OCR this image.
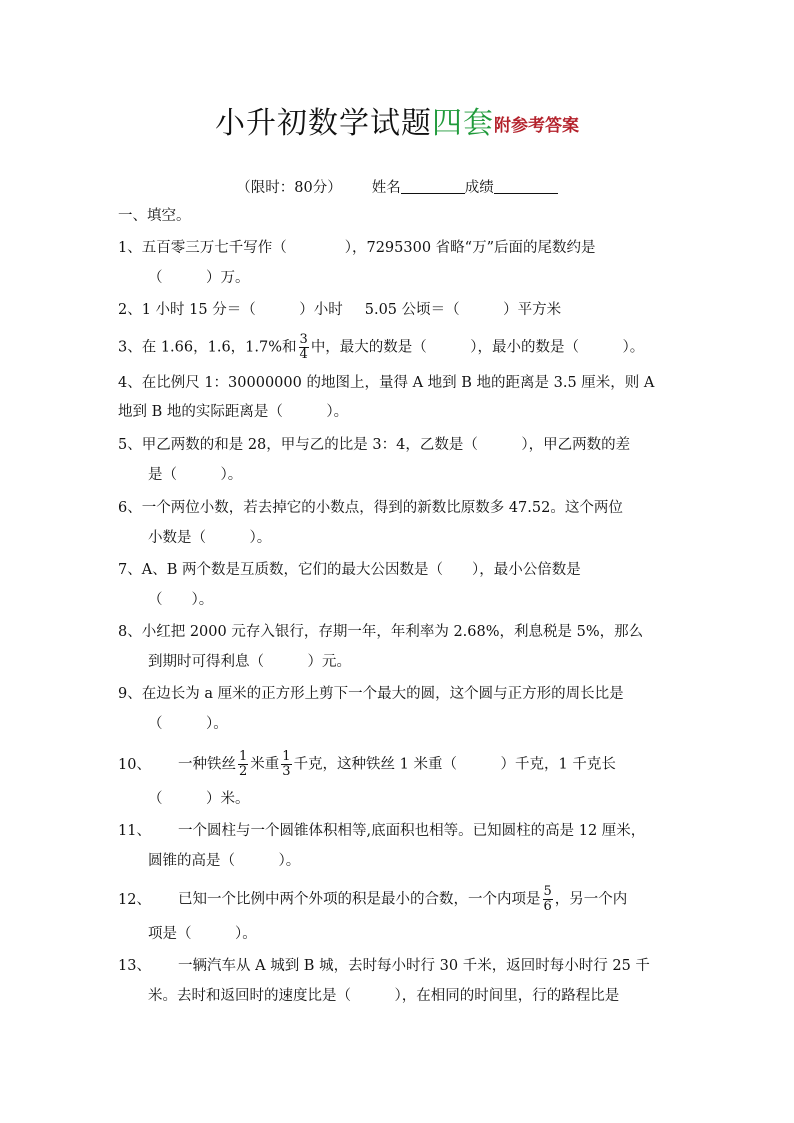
小升初数学试题四套附参考答案
（限时：80分） 姓名	成绩
一、填空。
1、五百零三万七千写作（　　　　），7295300 省略“万”后面的尾数约是
（　　　）万。
2、1 小时 15 分＝（　　　）小时 5.05 公顷＝（　　　）平方米
3、在 1.66，1.6，1.7%和 $\frac{3}{4}$ 中，最大的数是（　　　），最小的数是（　　　）。
4、在比例尺 1：30000000 的地图上，量得 A 地到 B 地的距离是 3.5 厘米，则 A
地到 B 地的实际距离是（　　　）。
5、甲乙两数的和是 28，甲与乙的比是 3：4，乙数是（　　　），甲乙两数的差
是（　　　）。
6、一个两位小数，若去掉它的小数点，得到的新数比原数多 47.52。这个两位
小数是（　　　）。
7、A、B 两个数是互质数，它们的最大公因数是（　　），最小公倍数是
（　　）。
8、小红把 2000 元存入银行，存期一年，年利率为 2.68%，利息税是 5%，那么
到期时可得利息（　　　）元。
9、在边长为 a 厘米的正方形上剪下一个最大的圆，这个圆与正方形的周长比是
（　　　）。
10、 一种铁丝 $\frac{1}{2}$ 米重 $\frac{1}{3}$ 千克，这种铁丝 1 米重（　　　）千克，1 千克长
（　　　）米。
11、 一个圆柱与一个圆锥体积相等,底面积也相等。已知圆柱的高是 12 厘米，
圆锥的高是（　　　）。
12、 已知一个比例中两个外项的积是最小的合数，一个内项是 $\frac{5}{6}$ ，另一个内
项是（　　　）。
13、 一辆汽车从 A 城到 B 城，去时每小时行 30 千米，返回时每小时行 25 千
米。去时和返回时的速度比是（　　　），在相同的时间里，行的路程比是
